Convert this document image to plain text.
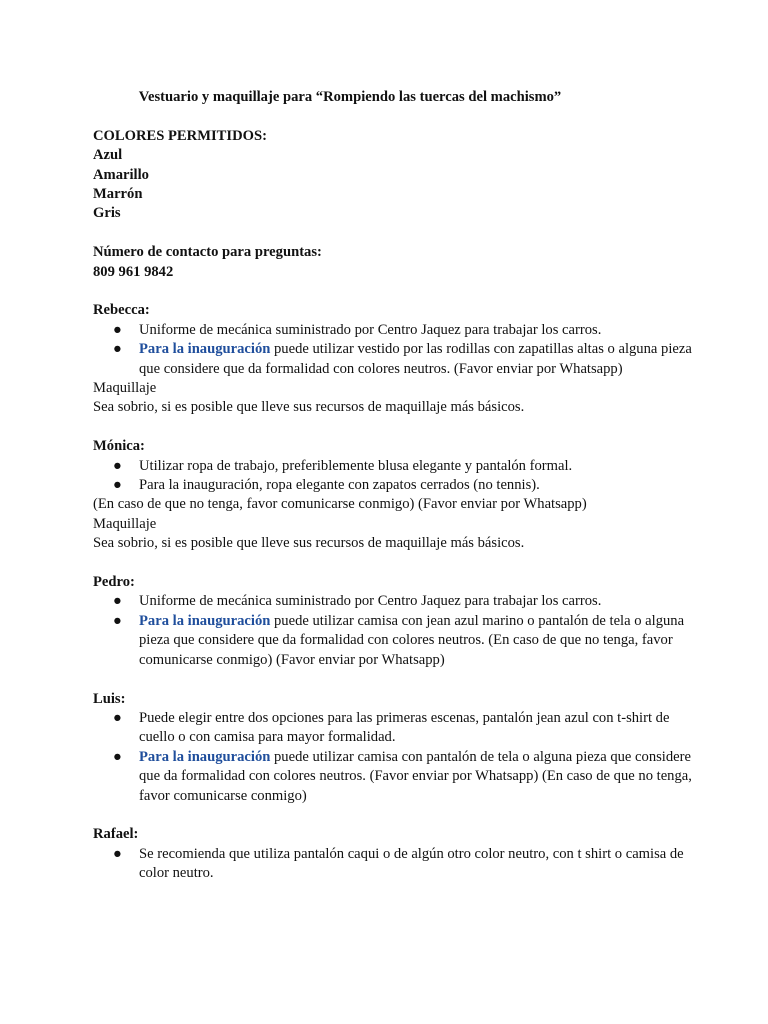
Vestuario y maquillaje para “Rompiendo las tuercas del machismo”
COLORES PERMITIDOS:
Azul
Amarillo
Marrón
Gris
Número de contacto para preguntas:
809 961 9842
Rebecca:
● Uniforme de mecánica suministrado por Centro Jaquez para trabajar los carros.
● Para la inauguración puede utilizar vestido por las rodillas con zapatillas altas o alguna pieza que considere que da formalidad con colores neutros. (Favor enviar por Whatsapp)
Maquillaje
Sea sobrio, si es posible que lleve sus recursos de maquillaje más básicos.
Mónica:
● Utilizar ropa de trabajo, preferiblemente blusa elegante y pantalón formal.
● Para la inauguración, ropa elegante con zapatos cerrados (no tennis).
(En caso de que no tenga, favor comunicarse conmigo) (Favor enviar por Whatsapp)
Maquillaje
Sea sobrio, si es posible que lleve sus recursos de maquillaje más básicos.
Pedro:
● Uniforme de mecánica suministrado por Centro Jaquez para trabajar los carros.
● Para la inauguración puede utilizar camisa con jean azul marino o pantalón de tela o alguna pieza que considere que da formalidad con colores neutros. (En caso de que no tenga, favor comunicarse conmigo) (Favor enviar por Whatsapp)
Luis:
● Puede elegir entre dos opciones para las primeras escenas, pantalón jean azul con t-shirt de cuello o con camisa para mayor formalidad.
● Para la inauguración puede utilizar camisa con pantalón de tela o alguna pieza que considere que da formalidad con colores neutros. (Favor enviar por Whatsapp) (En caso de que no tenga, favor comunicarse conmigo)
Rafael:
● Se recomienda que utiliza pantalón caqui o de algún otro color neutro, con t shirt o camisa de color neutro.
